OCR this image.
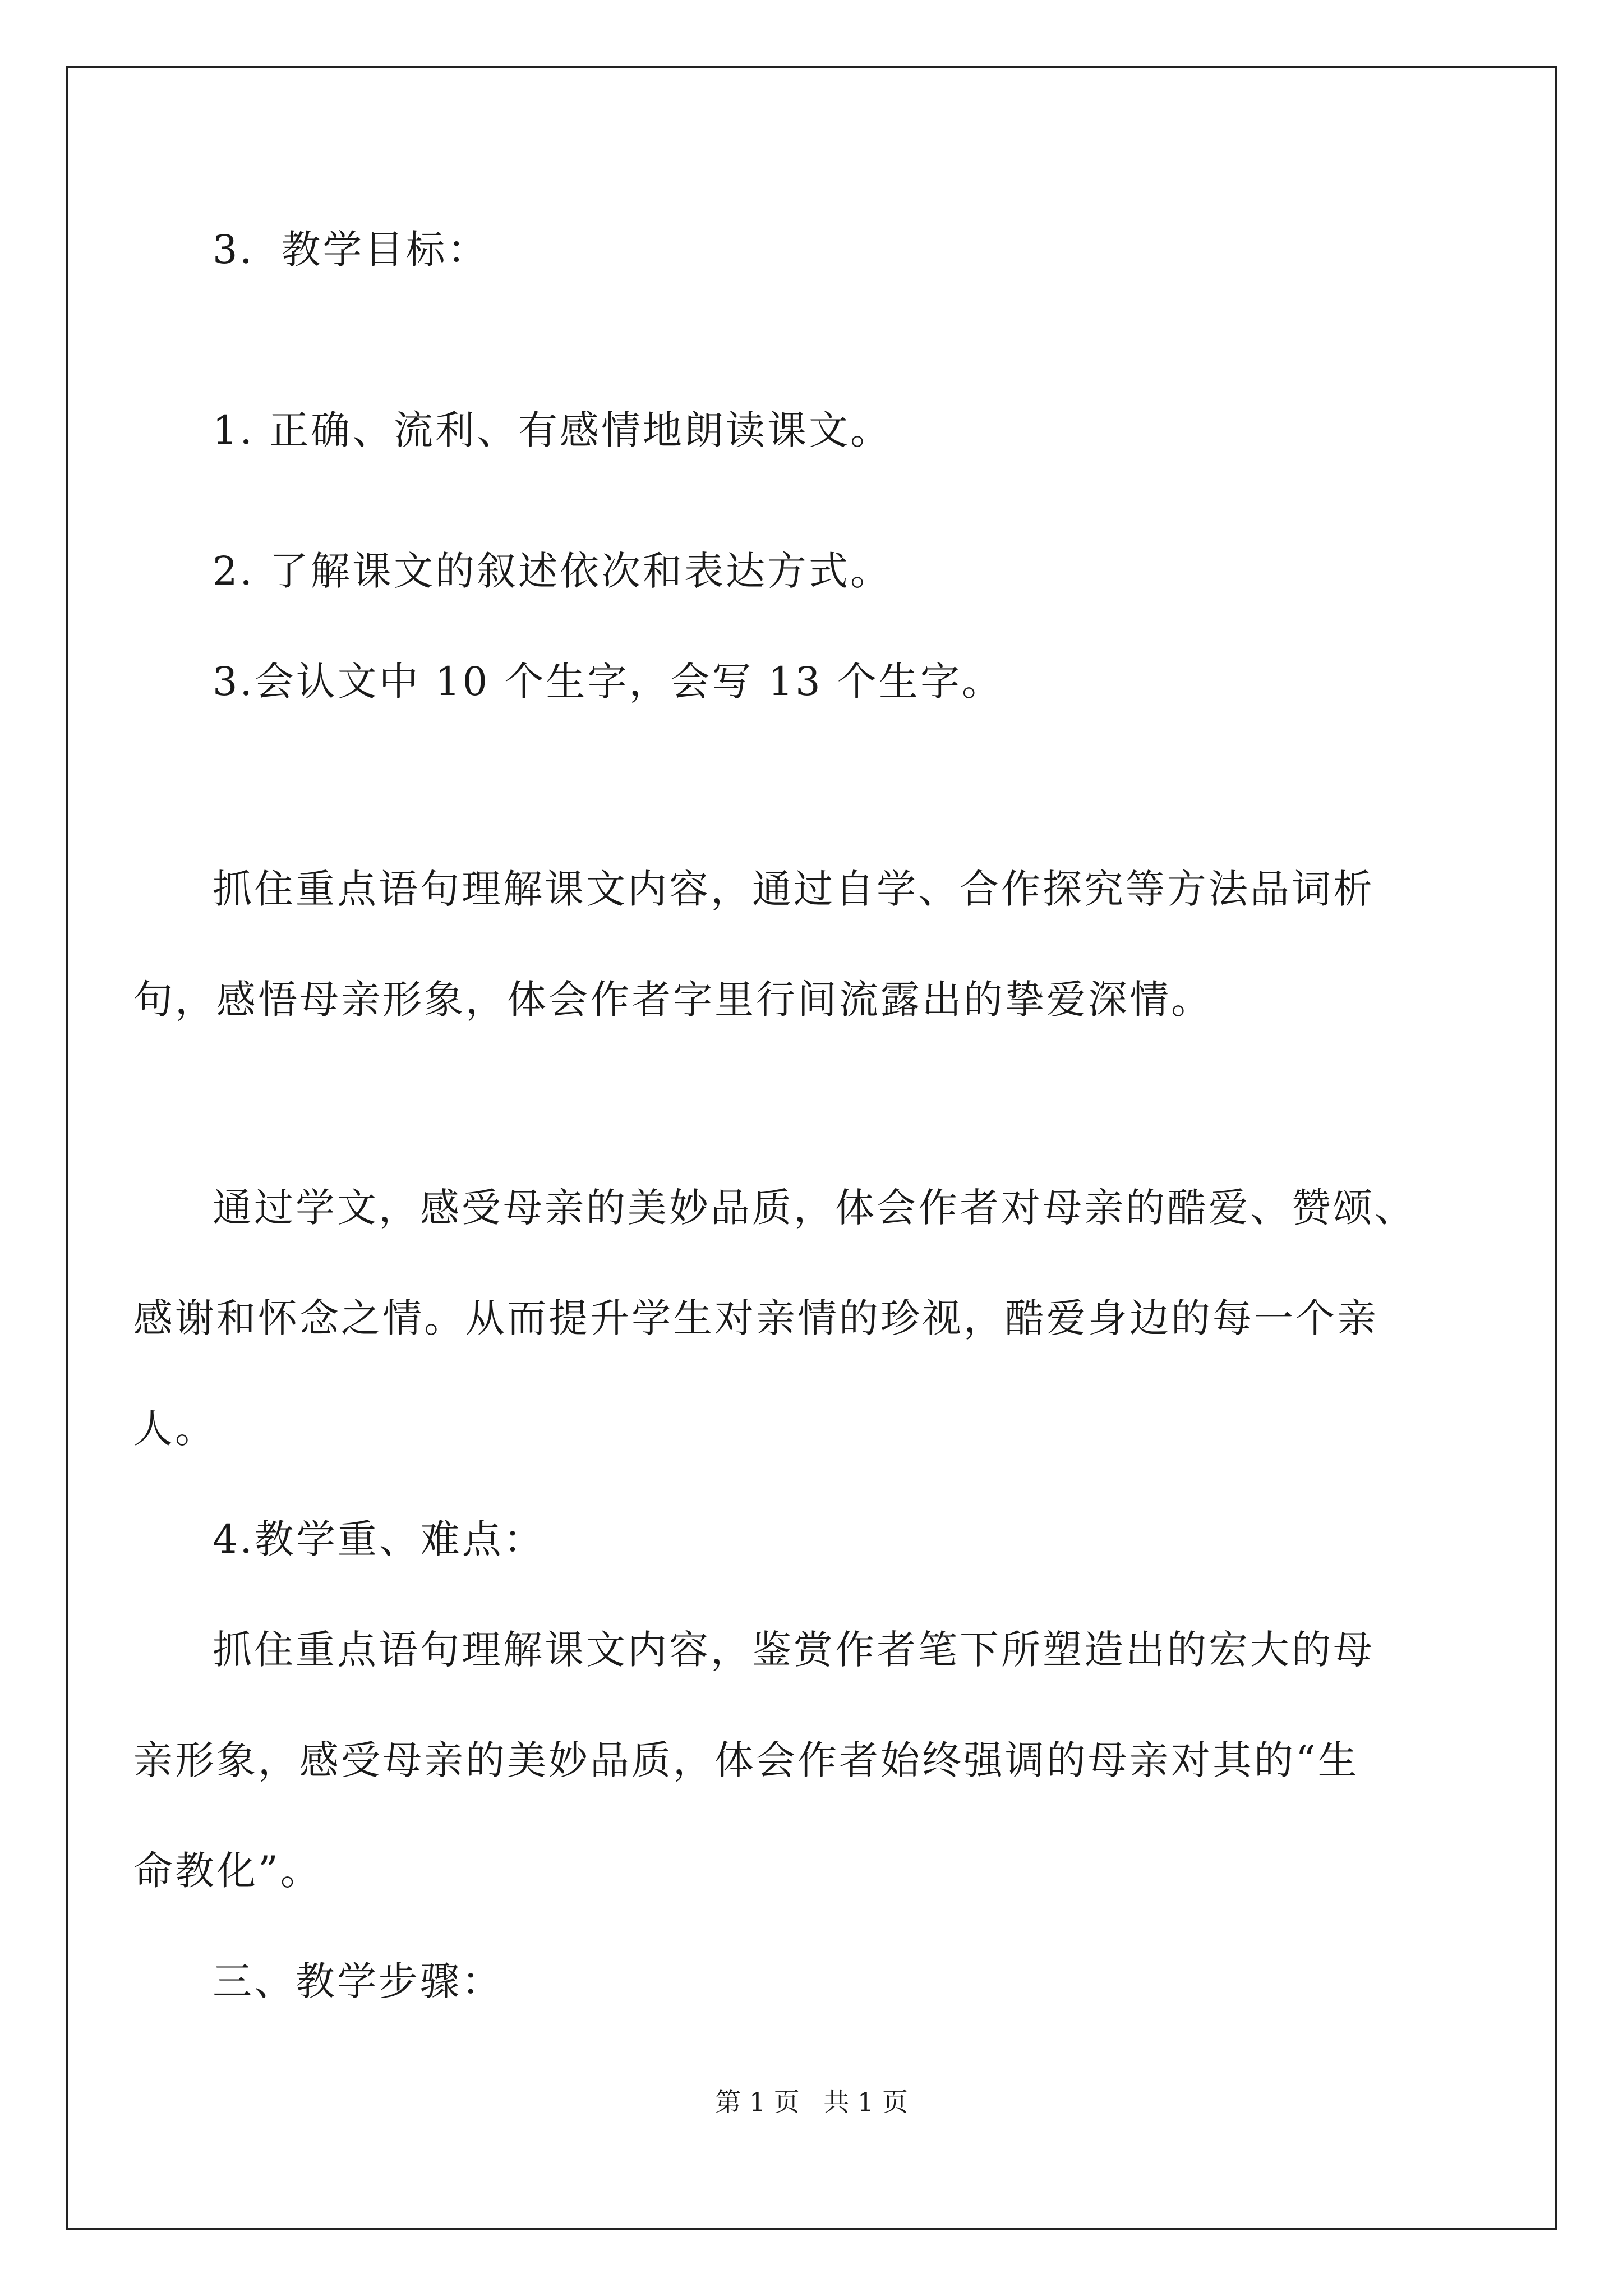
3．教学目标：
1. 正确、流利、有感情地朗读课文。
2. 了解课文的叙述依次和表达方式。
3.会认文中 10 个生字，会写 13 个生字。
抓住重点语句理解课文内容，通过自学、合作探究等方法品词析
句，感悟母亲形象，体会作者字里行间流露出的挚爱深情。
通过学文，感受母亲的美妙品质，体会作者对母亲的酷爱、赞颂、
感谢和怀念之情。从而提升学生对亲情的珍视，酷爱身边的每一个亲
人。
4.教学重、难点：
抓住重点语句理解课文内容，鉴赏作者笔下所塑造出的宏大的母
亲形象，感受母亲的美妙品质，体会作者始终强调的母亲对其的“生
命教化”。
三、教学步骤：
第 1 页 共 1 页
